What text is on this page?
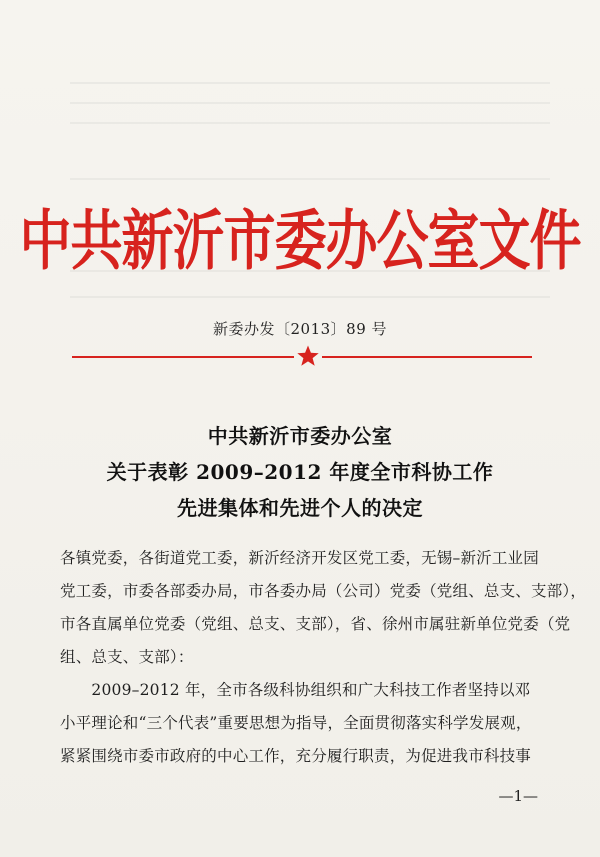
中共新沂市委办公室文件
新委办发〔2013〕89 号
中共新沂市委办公室
关于表彰 2009–2012 年度全市科协工作
先进集体和先进个人的决定
各镇党委，各街道党工委，新沂经济开发区党工委，无锡–新沂工业园
党工委，市委各部委办局，市各委办局（公司）党委（党组、总支、支部），
市各直属单位党委（党组、总支、支部），省、徐州市属驻新单位党委（党
组、总支、支部）：
　　2009–2012 年，全市各级科协组织和广大科技工作者坚持以邓
小平理论和“三个代表”重要思想为指导，全面贯彻落实科学发展观，
紧紧围绕市委市政府的中心工作，充分履行职责，为促进我市科技事
—1—
